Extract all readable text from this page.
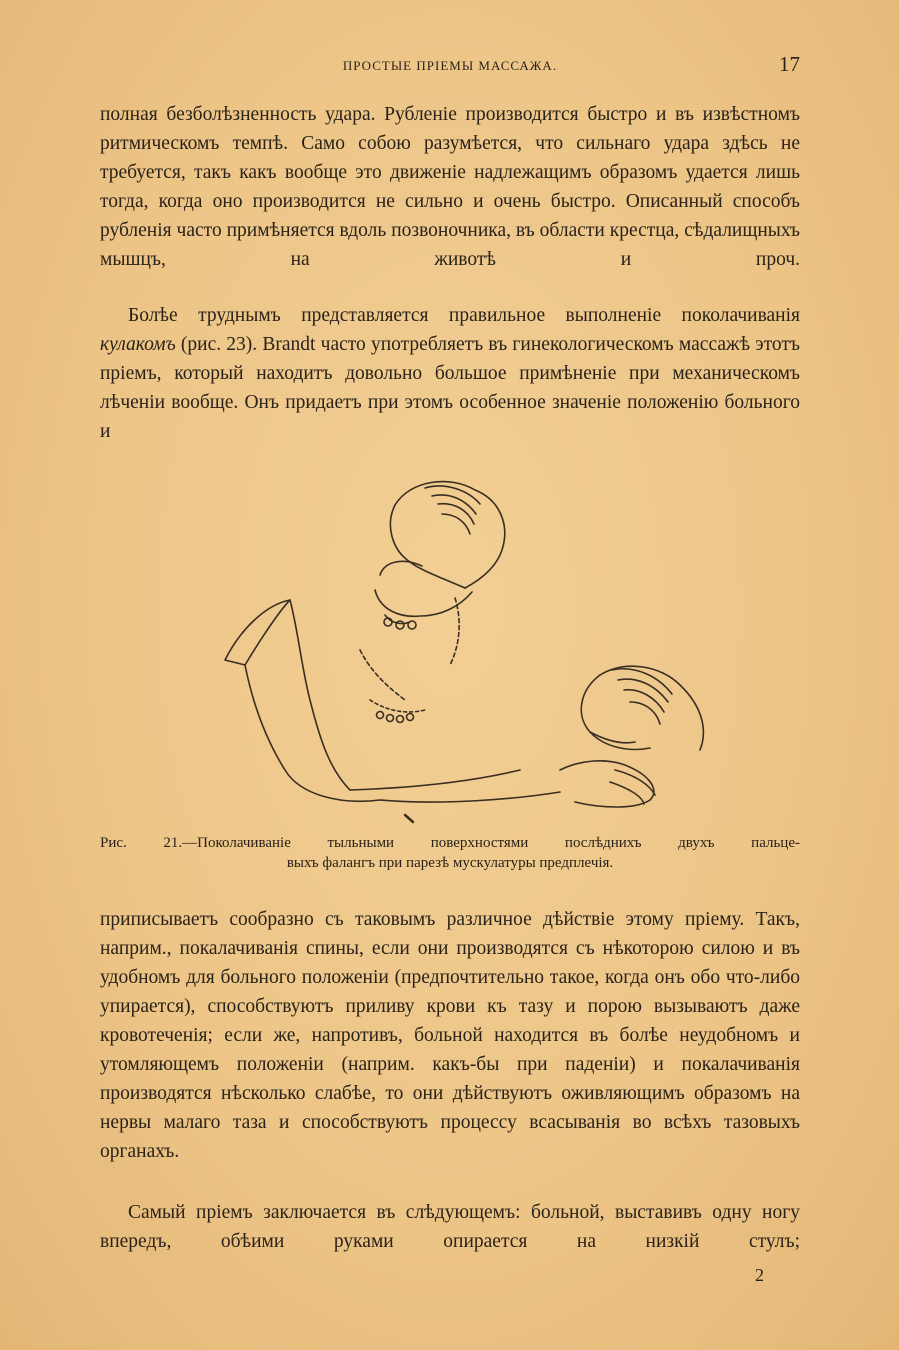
ПРОСТЫЕ ПРІЕМЫ МАССАЖА.	17

полная безболѣзненность удара. Рубленіе производится быстро и въ извѣстномъ ритмическомъ темпѣ. Само собою разумѣется, что сильнаго удара здѣсь не требуется, такъ какъ вообще это движеніе надлежащимъ образомъ удается лишь тогда, когда оно производится не сильно и очень быстро. Описанный способъ рубленія часто примѣняется вдоль позвоночника, въ области крестца, сѣдалищныхъ мышцъ, на животѣ и проч.

Болѣе труднымъ представляется правильное выполненіе поколачиванія кулакомъ (рис. 23). Brandt часто употребляетъ въ гинекологическомъ массажѣ этотъ пріемъ, который находитъ довольно большое примѣненіе при механическомъ лѣченіи вообще. Онъ придаетъ при этомъ особенное значеніе положенію больного и

Рис. 21.—Поколачиваніе тыльными поверхностями послѣднихъ двухъ пальце-
выхъ фалангъ при парезѣ мускулатуры предплечія.

приписываетъ сообразно съ таковымъ различное дѣйствіе этому пріему. Такъ, наприм., покалачиванія спины, если они производятся съ нѣкоторою силою и въ удобномъ для больного положеніи (предпочтительно такое, когда онъ обо что-либо упирается), способствуютъ приливу крови къ тазу и порою вызываютъ даже кровотеченія; если же, напротивъ, больной находится въ болѣе неудобномъ и утомляющемъ положеніи (наприм. какъ-бы при паденіи) и покалачиванія производятся нѣсколько слабѣе, то они дѣйствуютъ оживляющимъ образомъ на нервы малаго таза и способствуютъ процессу всасыванія во всѣхъ тазовыхъ органахъ.

Самый пріемъ заключается въ слѣдующемъ: больной, выставивъ одну ногу впередъ, обѣими руками опирается на низкій стулъ;

2
